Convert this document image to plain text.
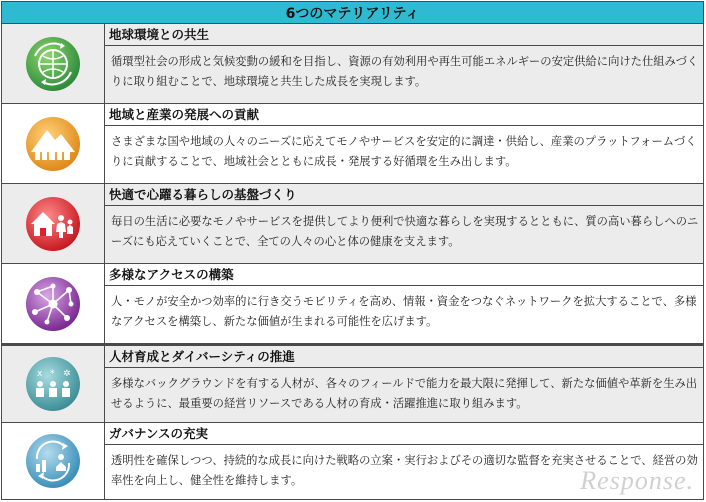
6つのマテリアリティ
地球環境との共生
循環型社会の形成と気候変動の緩和を目指し、資源の有効利用や再生可能エネルギーの安定供給に向けた仕組みづくりに取り組むことで、地球環境と共生した成長を実現します。
地域と産業の発展への貢献
さまざまな国や地域の人々のニーズに応えてモノやサービスを安定的に調達・供給し、産業のプラットフォームづくりに貢献することで、地域社会とともに成長・発展する好循環を生み出します。
快適で心躍る暮らしの基盤づくり
毎日の生活に必要なモノやサービスを提供してより便利で快適な暮らしを実現するとともに、質の高い暮らしへのニーズにも応えていくことで、全ての人々の心と体の健康を支えます。
多様なアクセスの構築
人・モノが安全かつ効率的に行き交うモビリティを高め、情報・資金をつなぐネットワークを拡大することで、多様なアクセスを構築し、新たな価値が生まれる可能性を広げます。
x * ✲
人材育成とダイバーシティの推進
多様なバックグラウンドを有する人材が、各々のフィールドで能力を最大限に発揮して、新たな価値や革新を生み出せるように、最重要の経営リソースである人材の育成・活躍推進に取り組みます。
ガバナンスの充実
透明性を確保しつつ、持続的な成長に向けた戦略の立案・実行およびその適切な監督を充実させることで、経営の効率性を向上し、健全性を維持します。	Response.
